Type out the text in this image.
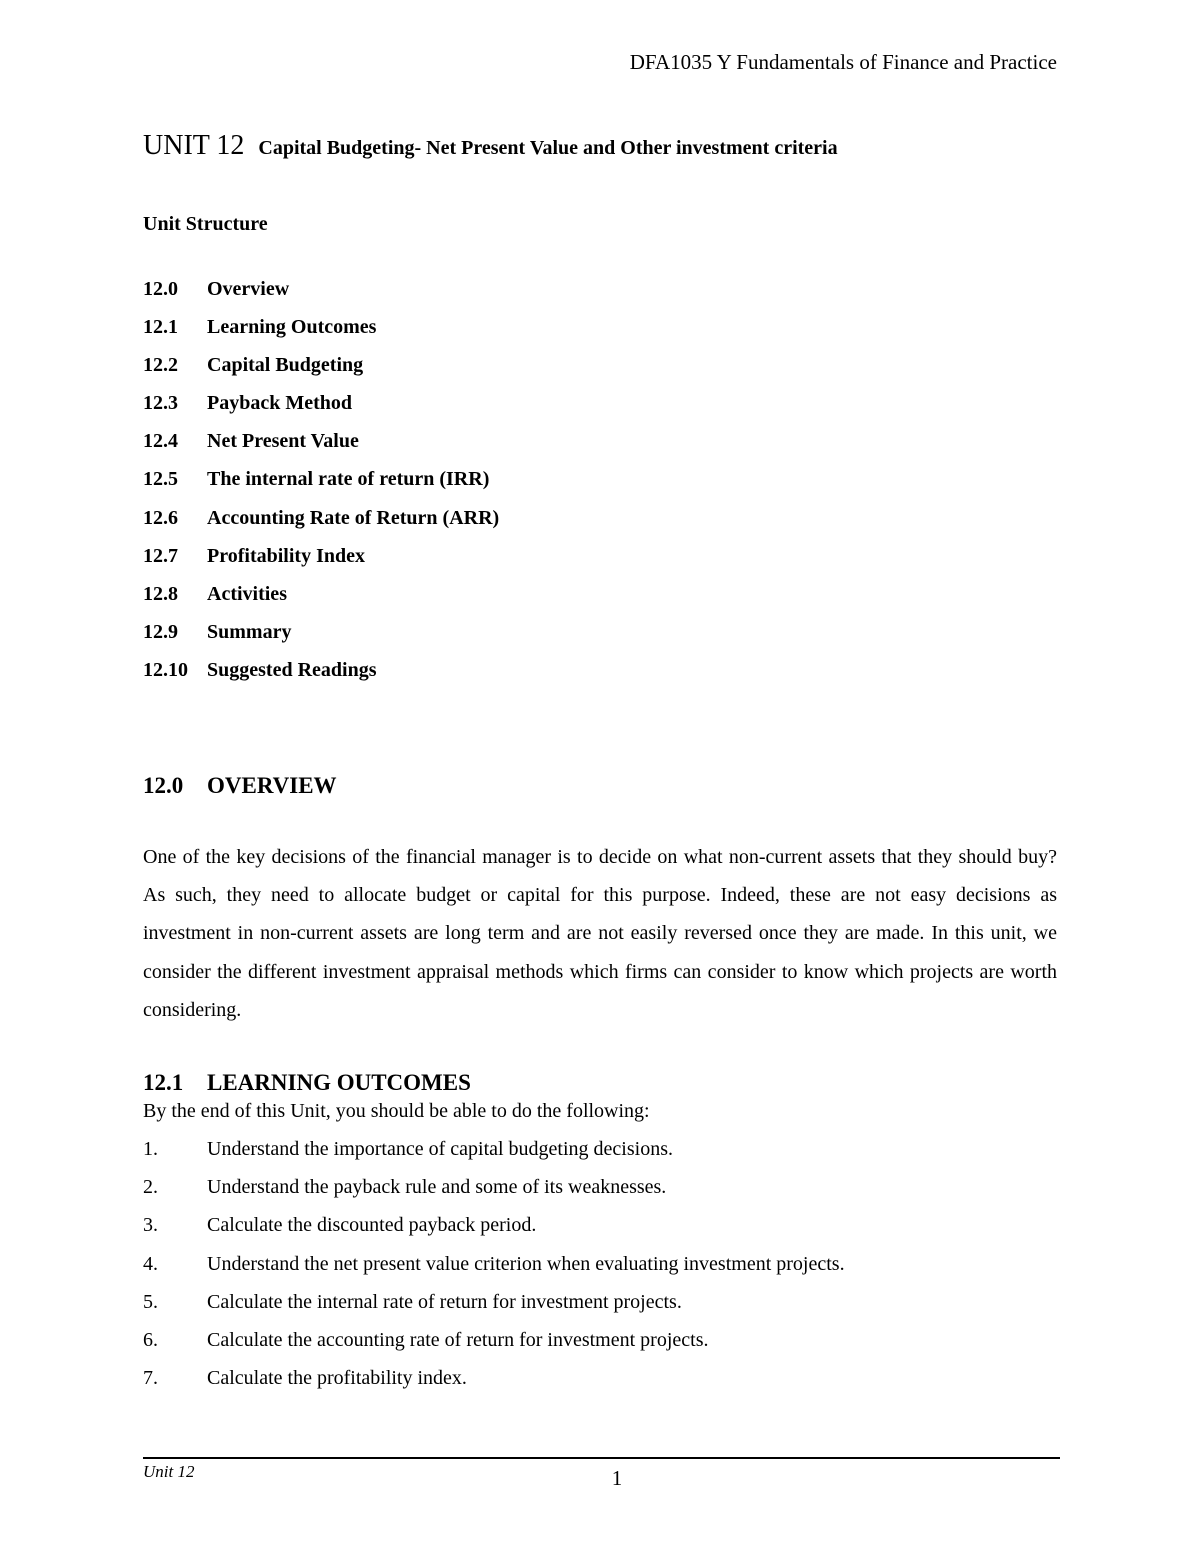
DFA1035 Y Fundamentals of Finance and Practice
UNIT 12 Capital Budgeting- Net Present Value and Other investment criteria
Unit Structure
12.0 Overview
12.1 Learning Outcomes
12.2 Capital Budgeting
12.3 Payback Method
12.4 Net Present Value
12.5 The internal rate of return (IRR)
12.6 Accounting Rate of Return (ARR)
12.7 Profitability Index
12.8 Activities
12.9 Summary
12.10 Suggested Readings
12.0 OVERVIEW

One of the key decisions of the financial manager is to decide on what non-current assets that they should buy? As such, they need to allocate budget or capital for this purpose. Indeed, these are not easy decisions as investment in non-current assets are long term and are not easily reversed once they are made. In this unit, we consider the different investment appraisal methods which firms can consider to know which projects are worth considering.

12.1 LEARNING OUTCOMES
By the end of this Unit, you should be able to do the following:
1. Understand the importance of capital budgeting decisions.
2. Understand the payback rule and some of its weaknesses.
3. Calculate the discounted payback period.
4. Understand the net present value criterion when evaluating investment projects.
5. Calculate the internal rate of return for investment projects.
6. Calculate the accounting rate of return for investment projects.
7. Calculate the profitability index.
Unit 12	1
